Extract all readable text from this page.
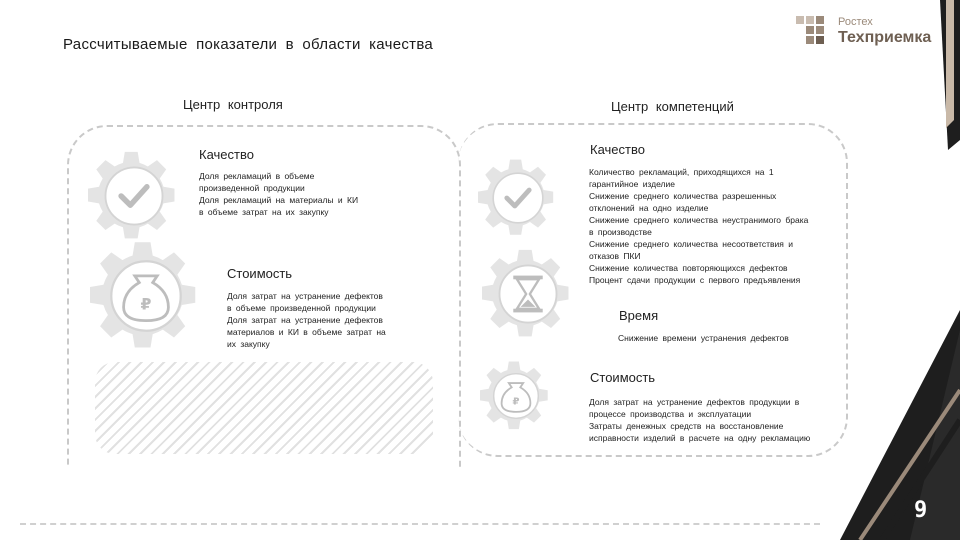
Ростех
Техприемка
Рассчитываемые показатели в области качества
Центр контроля	Центр компетенций
Качество
Доля рекламаций в объеме
произведенной продукции
Доля рекламаций на материалы и КИ
в объеме затрат на их закупку
₽
Стоимость
Доля затрат на устранение дефектов
в объеме произведенной продукции
Доля затрат на устранение дефектов
материалов и КИ в объеме затрат на
их закупку
Качество
Количество рекламаций, приходящихся на 1
гарантийное изделие
Снижение среднего количества разрешенных
отклонений на одно изделие
Снижение среднего количества неустранимого брака
в производстве
Снижение среднего количества несоответствия и
отказов ПКИ
Снижение количества повторяющихся дефектов
Процент сдачи продукции с первого предъявления
Время
Снижение времени устранения дефектов
₽
Стоимость
Доля затрат на устранение дефектов продукции в
процессе производства и эксплуатации
Затраты денежных средств на восстановление
исправности изделий в расчете на одну рекламацию
9
